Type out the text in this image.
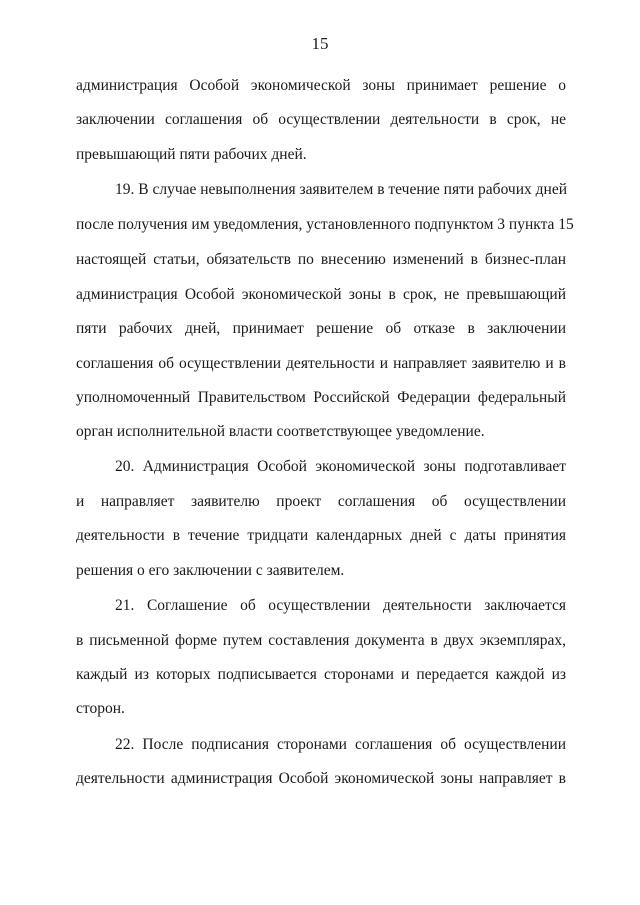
15
администрация Особой экономической зоны принимает решение о
заключении соглашения об осуществлении деятельности в срок, не
превышающий пяти рабочих дней.
19. В случае невыполнения заявителем в течение пяти рабочих дней
после получения им уведомления, установленного подпунктом 3 пункта 15
настоящей статьи, обязательств по внесению изменений в бизнес-план
администрация Особой экономической зоны в срок, не превышающий
пяти рабочих дней, принимает решение об отказе в заключении
соглашения об осуществлении деятельности и направляет заявителю и в
уполномоченный Правительством Российской Федерации федеральный
орган исполнительной власти соответствующее уведомление.
20. Администрация Особой экономической зоны подготавливает
и направляет заявителю проект соглашения об осуществлении
деятельности в течение тридцати календарных дней с даты принятия
решения о его заключении с заявителем.
21. Соглашение об осуществлении деятельности заключается
в письменной форме путем составления документа в двух экземплярах,
каждый из которых подписывается сторонами и передается каждой из
сторон.
22. После подписания сторонами соглашения об осуществлении
деятельности администрация Особой экономической зоны направляет в
